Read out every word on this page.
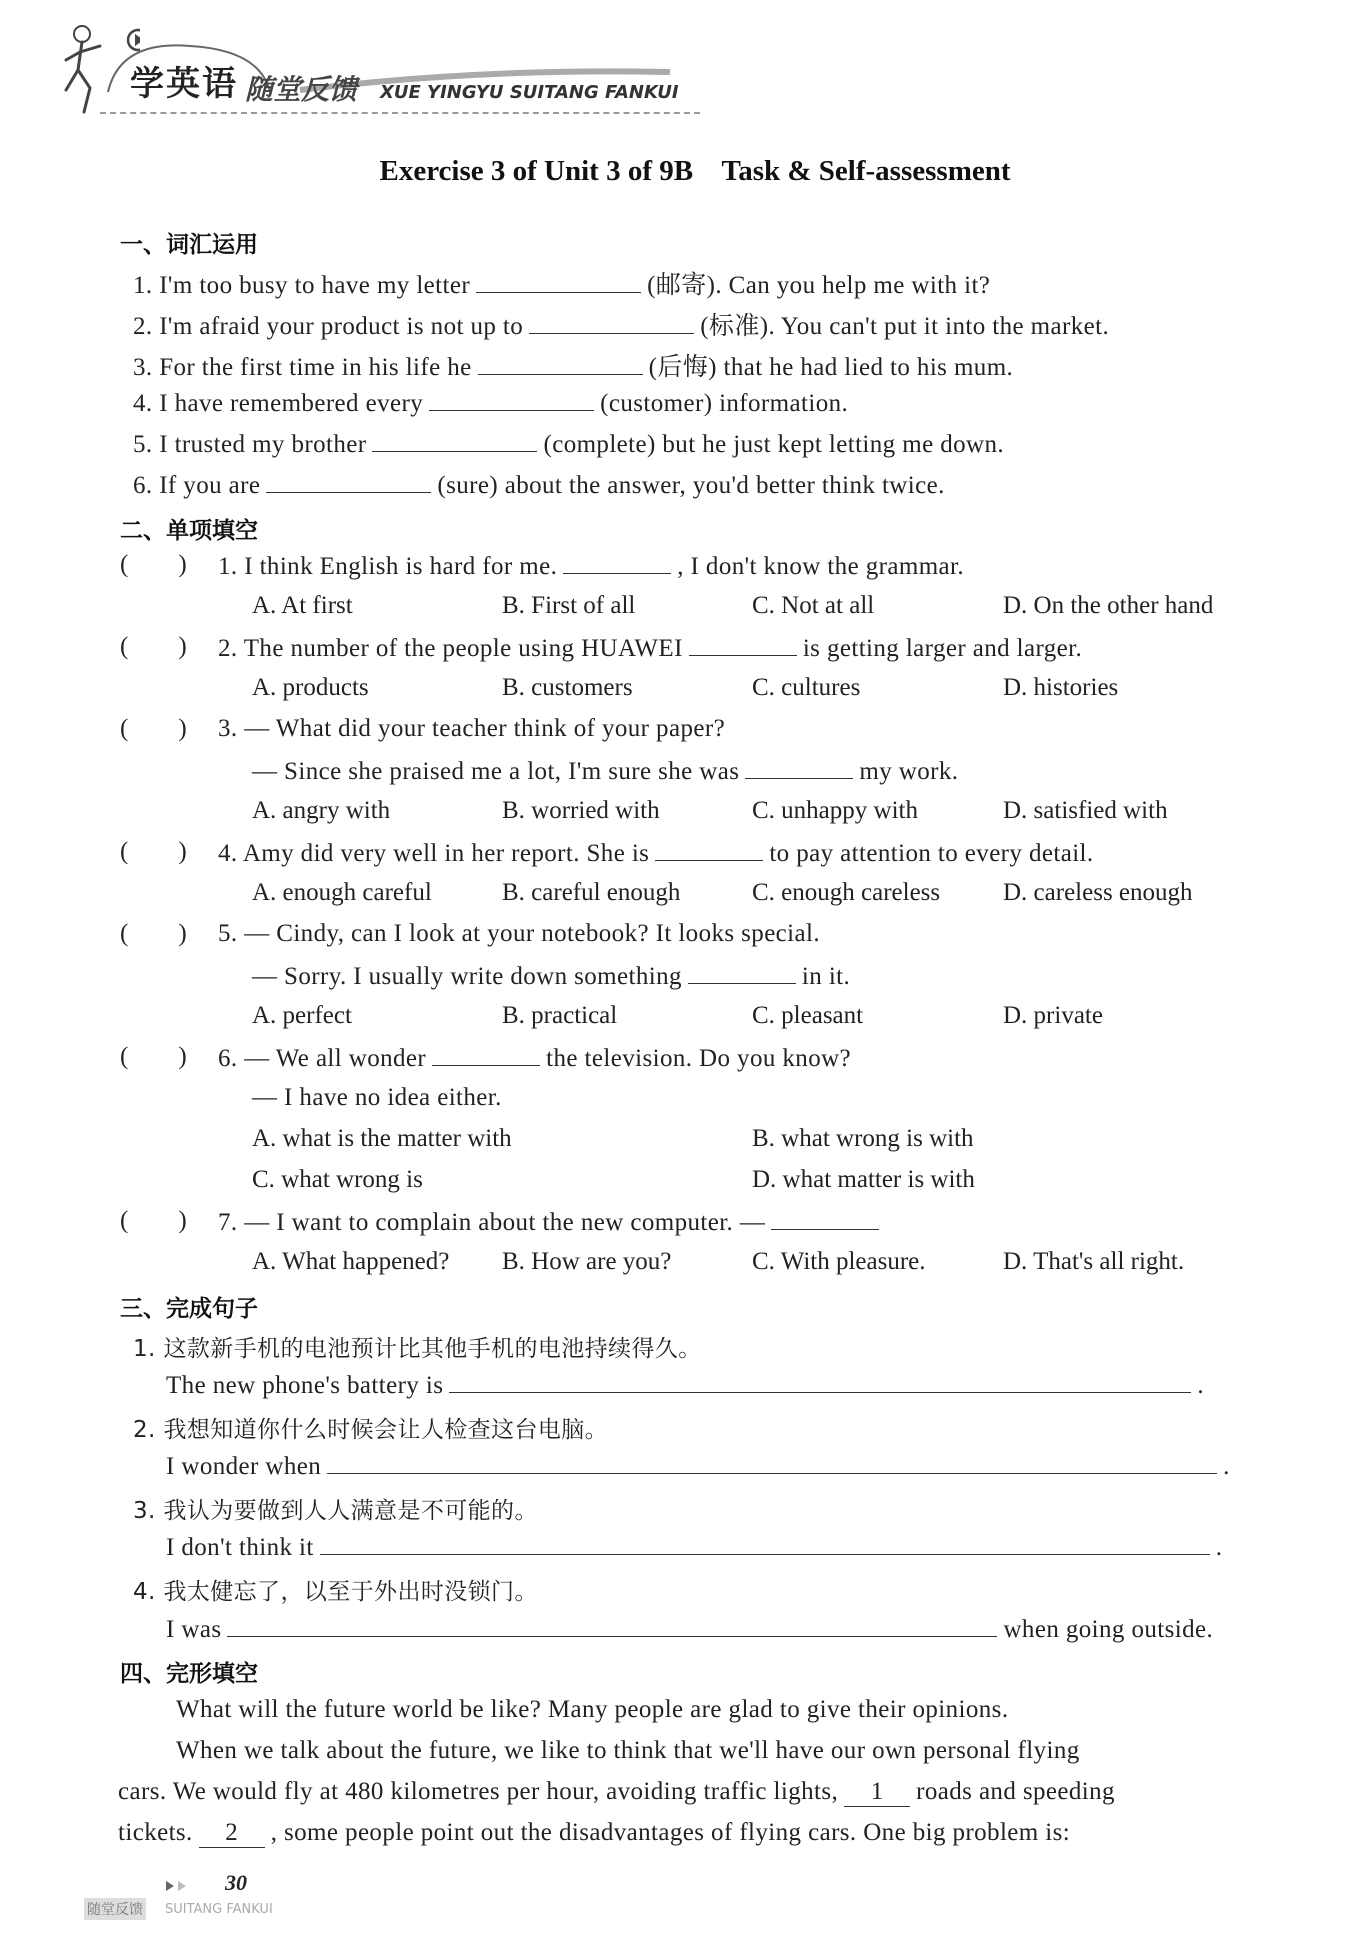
学英语 随堂反馈 XUE YINGYU SUITANG FANKUI
Exercise 3 of Unit 3 of 9B    Task & Self-assessment
一、词汇运用
1. I'm too busy to have my letter	(邮寄). Can you help me with it?
2. I'm afraid your product is not up to	(标准). You can't put it into the market.
3. For the first time in his life he	(后悔) that he had lied to his mum.
4. I have remembered every	(customer) information.
5. I trusted my brother	(complete) but he just kept letting me down.
6. If you are	(sure) about the answer, you'd better think twice.
二、单项填空
(        ) 1. I think English is hard for me.	, I don't know the grammar.
A. At first	B. First of all	C. Not at all	D. On the other hand
(        ) 2. The number of the people using HUAWEI	is getting larger and larger.
A. products	B. customers	C. cultures	D. histories
(        ) 3. — What did your teacher think of your paper?
— Since she praised me a lot, I'm sure she was	my work.
A. angry with	B. worried with	C. unhappy with	D. satisfied with
(        ) 4. Amy did very well in her report. She is	to pay attention to every detail.
A. enough careful	B. careful enough	C. enough careless	D. careless enough
(        ) 5. — Cindy, can I look at your notebook? It looks special.
— Sorry. I usually write down something	in it.
A. perfect	B. practical	C. pleasant	D. private
(        ) 6. — We all wonder	the television. Do you know?
— I have no idea either.
A. what is the matter with	B. what wrong is with
C. what wrong is	D. what matter is with
(        ) 7. — I want to complain about the new computer. —
A. What happened? B. How are you?	C. With pleasure.	D. That's all right.
三、完成句子
1. 这款新手机的电池预计比其他手机的电池持续得久。
The new phone's battery is	.
2. 我想知道你什么时候会让人检查这台电脑。
I wonder when	.
3. 我认为要做到人人满意是不可能的。
I don't think it	.
4. 我太健忘了，以至于外出时没锁门。
I was	when going outside.
四、完形填空
What will the future world be like? Many people are glad to give their opinions.
When we talk about the future, we like to think that we'll have our own personal flying
cars. We would fly at 480 kilometres per hour, avoiding traffic lights, 1 roads and speeding
tickets. 2 , some people point out the disadvantages of flying cars. One big problem is:
30
随堂反馈 SUITANG FANKUI
